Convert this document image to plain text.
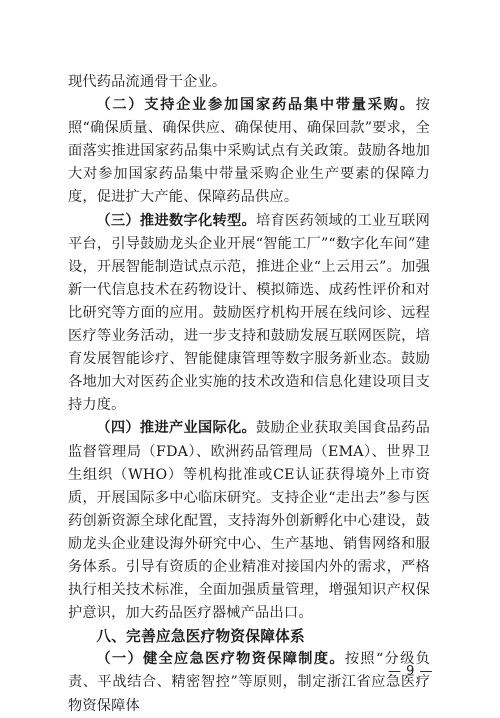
现代药品流通骨干企业。

（二）支持企业参加国家药品集中带量采购。按照“确保质量、确保供应、确保使用、确保回款”要求，全面落实推进国家药品集中采购试点有关政策。鼓励各地加大对参加国家药品集中带量采购企业生产要素的保障力度，促进扩大产能、保障药品供应。

（三）推进数字化转型。培育医药领域的工业互联网平台，引导鼓励龙头企业开展“智能工厂”“数字化车间”建设，开展智能制造试点示范，推进企业“上云用云”。加强新一代信息技术在药物设计、模拟筛选、成药性评价和对比研究等方面的应用。鼓励医疗机构开展在线问诊、远程医疗等业务活动，进一步支持和鼓励发展互联网医院，培育发展智能诊疗、智能健康管理等数字服务新业态。鼓励各地加大对医药企业实施的技术改造和信息化建设项目支持力度。

（四）推进产业国际化。鼓励企业获取美国食品药品监督管理局（FDA）、欧洲药品管理局（EMA）、世界卫生组织（WHO）等机构批准或CE认证获得境外上市资质，开展国际多中心临床研究。支持企业“走出去”参与医药创新资源全球化配置，支持海外创新孵化中心建设，鼓励龙头企业建设海外研究中心、生产基地、销售网络和服务体系。引导有资质的企业精准对接国内外的需求，严格执行相关技术标准，全面加强质量管理，增强知识产权保护意识，加大药品医疗器械产品出口。

八、完善应急医疗物资保障体系

（一）健全应急医疗物资保障制度。按照“分级负责、平战结合、精密智控”等原则，制定浙江省应急医疗物资保障体

— 9 —
